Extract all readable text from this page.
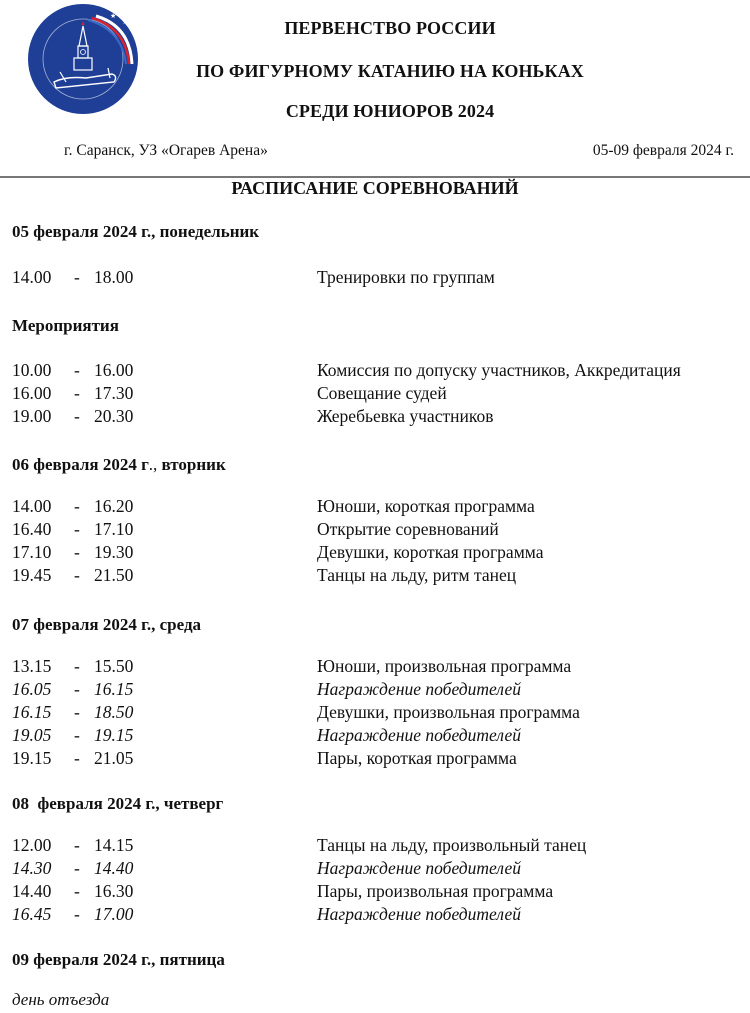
★
★	ПЕРВЕНСТВО РОССИИ
ПО ФИГУРНОМУ КАТАНИЮ НА КОНЬКАХ
СРЕДИ ЮНИОРОВ 2024
г. Саранск, УЗ «Огарев Арена»	05-09 февраля 2024 г.
РАСПИСАНИЕ СОРЕВНОВАНИЙ

05 февраля 2024 г., понедельник

14.00 - 18.00	Тренировки по группам

Мероприятия

10.00 - 16.00	Комиссия по допуску участников, Аккредитация
16.00 - 17.30	Совещание судей
19.00 - 20.30	Жеребьевка участников

06 февраля 2024 г., вторник

14.00 - 16.20	Юноши, короткая программа
16.40 - 17.10	Открытие соревнований
17.10 - 19.30	Девушки, короткая программа
19.45 - 21.50	Танцы на льду, ритм танец

07 февраля 2024 г., среда

13.15 - 15.50	Юноши, произвольная программа
16.05 - 16.15	Награждение победителей
16.15 - 18.50	Девушки, произвольная программа
19.05 - 19.15	Награждение победителей
19.15 - 21.05	Пары, короткая программа

08  февраля 2024 г., четверг

12.00 - 14.15	Танцы на льду, произвольный танец
14.30 - 14.40	Награждение победителей
14.40 - 16.30	Пары, произвольная программа
16.45 - 17.00	Награждение победителей

09 февраля 2024 г., пятница

день отъезда
